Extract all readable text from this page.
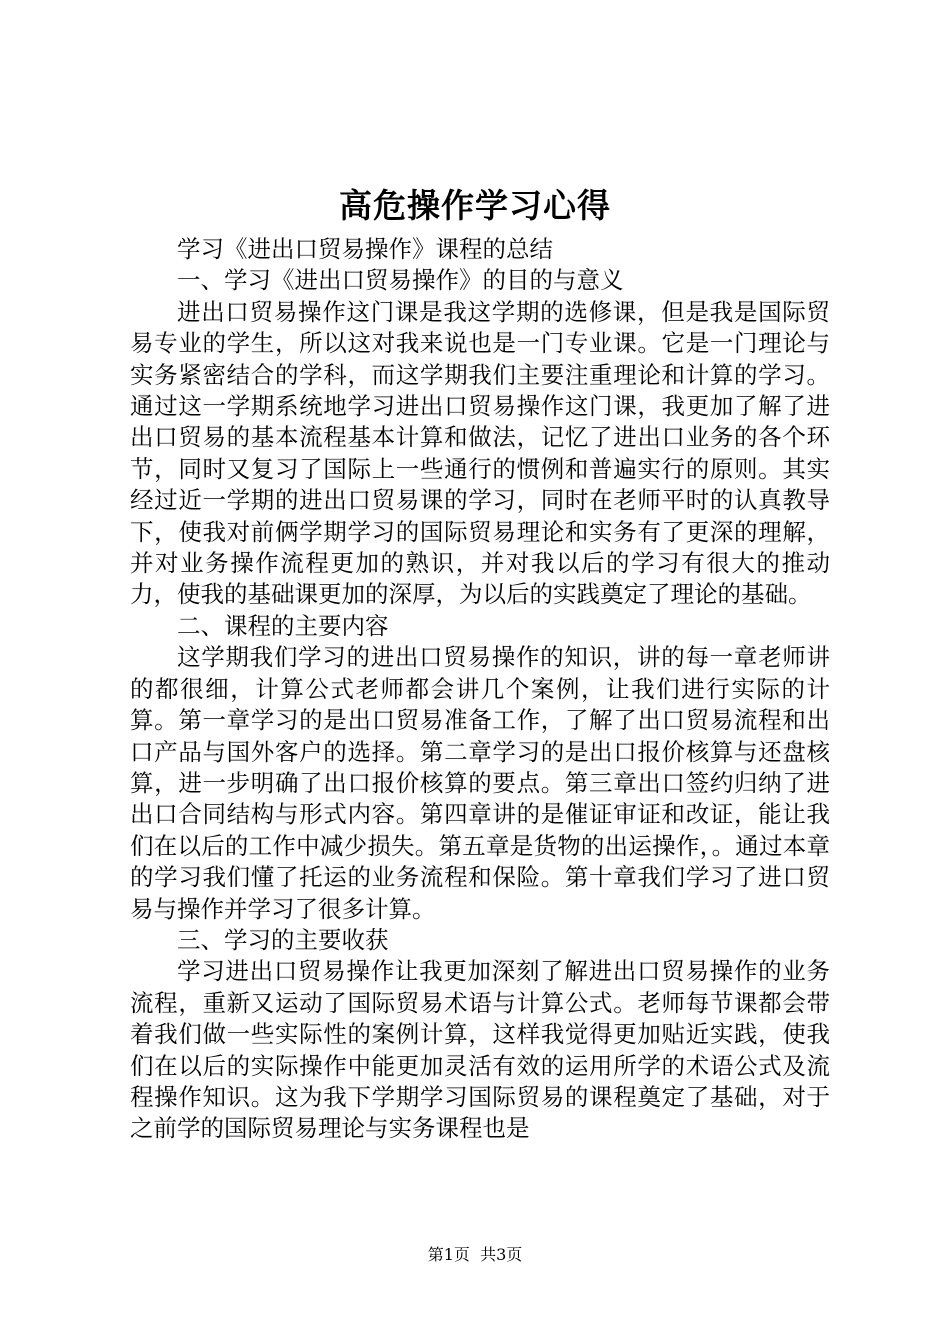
高危操作学习心得

学习《进出口贸易操作》课程的总结

一、学习《进出口贸易操作》的目的与意义

进出口贸易操作这门课是我这学期的选修课，但是我是国际贸易专业的学生，所以这对我来说也是一门专业课。它是一门理论与实务紧密结合的学科，而这学期我们主要注重理论和计算的学习。通过这一学期系统地学习进出口贸易操作这门课，我更加了解了进出口贸易的基本流程基本计算和做法，记忆了进出口业务的各个环节，同时又复习了国际上一些通行的惯例和普遍实行的原则。其实经过近一学期的进出口贸易课的学习，同时在老师平时的认真教导下，使我对前俩学期学习的国际贸易理论和实务有了更深的理解，并对业务操作流程更加的熟识，并对我以后的学习有很大的推动力，使我的基础课更加的深厚，为以后的实践奠定了理论的基础。

二、课程的主要内容

这学期我们学习的进出口贸易操作的知识，讲的每一章老师讲的都很细，计算公式老师都会讲几个案例，让我们进行实际的计算。第一章学习的是出口贸易准备工作，了解了出口贸易流程和出口产品与国外客户的选择。第二章学习的是出口报价核算与还盘核算，进一步明确了出口报价核算的要点。第三章出口签约归纳了进出口合同结构与形式内容。第四章讲的是催证审证和改证，能让我们在以后的工作中减少损失。第五章是货物的出运操作，。通过本章的学习我们懂了托运的业务流程和保险。第十章我们学习了进口贸易与操作并学习了很多计算。

三、学习的主要收获

学习进出口贸易操作让我更加深刻了解进出口贸易操作的业务流程，重新又运动了国际贸易术语与计算公式。老师每节课都会带着我们做一些实际性的案例计算，这样我觉得更加贴近实践，使我们在以后的实际操作中能更加灵活有效的运用所学的术语公式及流程操作知识。这为我下学期学习国际贸易的课程奠定了基础，对于之前学的国际贸易理论与实务课程也是

第1页 共3页
